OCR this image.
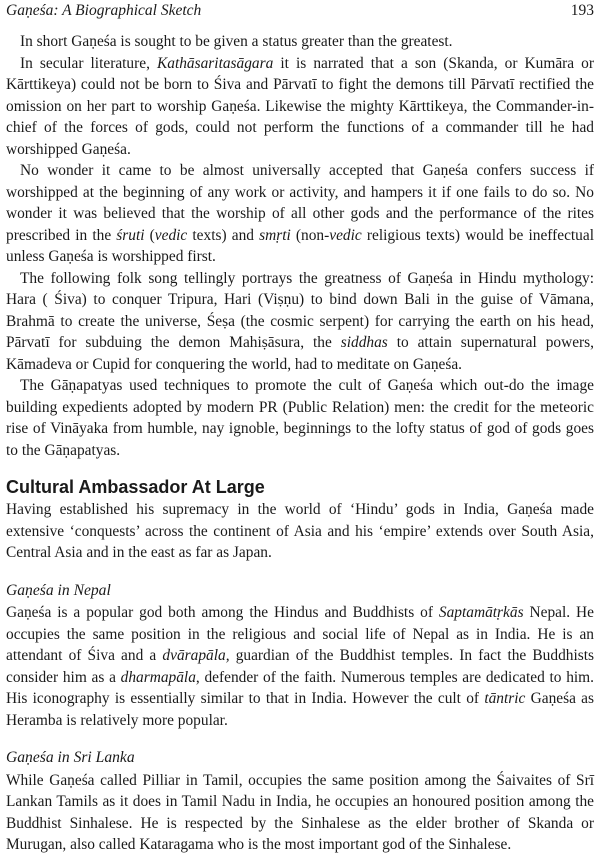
Gaṇeśa: A Biographical Sketch	193

In short Gaṇeśa is sought to be given a status greater than the greatest.

In secular literature, Kathāsaritasāgara it is narrated that a son (Skanda, or Kumāra or Kārttikeya) could not be born to Śiva and Pārvatī to fight the demons till Pārvatī rectified the omission on her part to worship Gaṇeśa. Likewise the mighty Kārttikeya, the Commander-in-chief of the forces of gods, could not perform the functions of a commander till he had worshipped Gaṇeśa.

No wonder it came to be almost universally accepted that Gaṇeśa confers success if worshipped at the beginning of any work or activity, and hampers it if one fails to do so. No wonder it was believed that the worship of all other gods and the performance of the rites prescribed in the śruti (vedic texts) and smṛti (non-vedic religious texts) would be ineffectual unless Gaṇeśa is worshipped first.

The following folk song tellingly portrays the greatness of Gaṇeśa in Hindu mythology: Hara ( Śiva) to conquer Tripura, Hari (Viṣṇu) to bind down Bali in the guise of Vāmana, Brahmā to create the universe, Śeṣa (the cosmic serpent) for carrying the earth on his head, Pārvatī for subduing the demon Mahiṣāsura, the siddhas to attain supernatural powers, Kāmadeva or Cupid for conquering the world, had to meditate on Gaṇeśa.

The Gāṇapatyas used techniques to promote the cult of Gaṇeśa which out-do the image building expedients adopted by modern PR (Public Relation) men: the credit for the meteoric rise of Vināyaka from humble, nay ignoble, beginnings to the lofty status of god of gods goes to the Gāṇapatyas.

Cultural Ambassador At Large

Having established his supremacy in the world of ‘Hindu’ gods in India, Gaṇeśa made extensive ‘conquests’ across the continent of Asia and his ‘empire’ extends over South Asia, Central Asia and in the east as far as Japan.

Gaṇeśa in Nepal

Gaṇeśa is a popular god both among the Hindus and Buddhists of Saptamātṛkās Nepal. He occupies the same position in the religious and social life of Nepal as in India. He is an attendant of Śiva and a dvārapāla, guardian of the Buddhist temples. In fact the Buddhists consider him as a dharmapāla, defender of the faith. Numerous temples are dedicated to him. His iconography is essentially similar to that in India. However the cult of tāntric Gaṇeśa as Heramba is relatively more popular.

Gaṇeśa in Sri Lanka

While Gaṇeśa called Pilliar in Tamil, occupies the same position among the Śaivaites of Srī Lankan Tamils as it does in Tamil Nadu in India, he occupies an honoured position among the Buddhist Sinhalese. He is respected by the Sinhalese as the elder brother of Skanda or Murugan, also called Kataragama who is the most important god of the Sinhalese.
